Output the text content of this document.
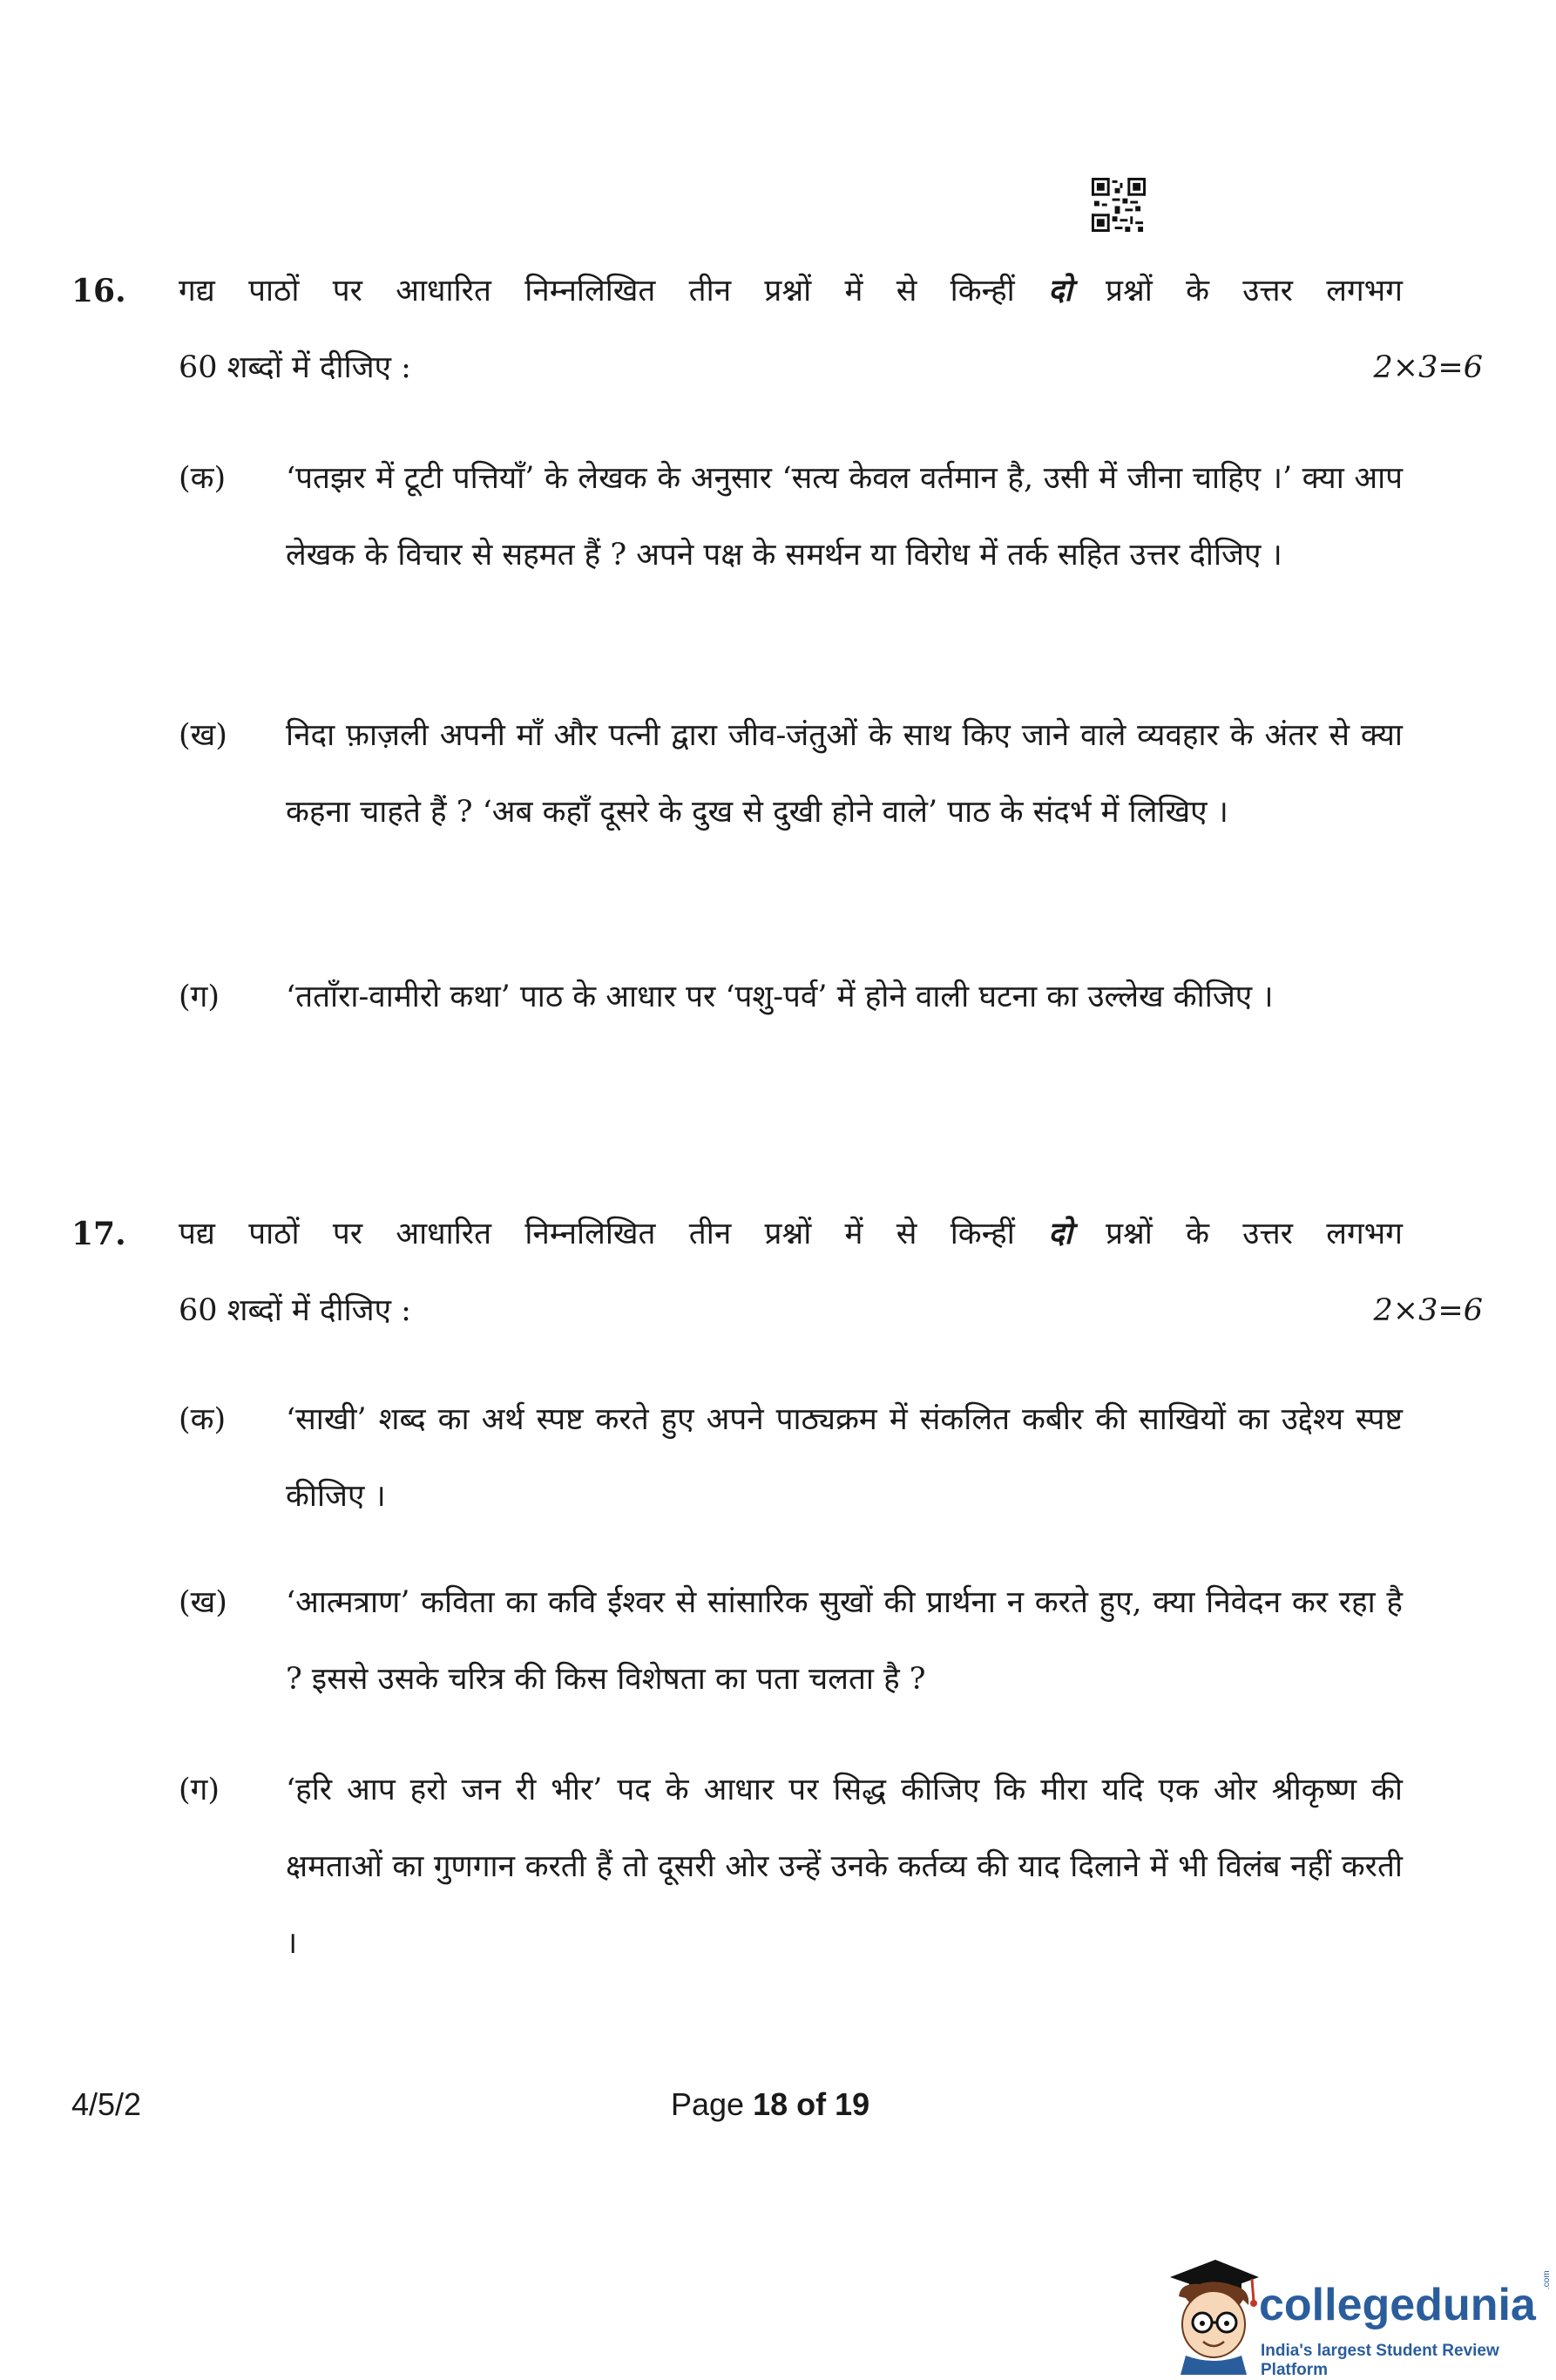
16. गद्य पाठों पर आधारित निम्नलिखित तीन प्रश्नों में से किन्हीं दो प्रश्नों के उत्तर लगभग
60 शब्दों में दीजिए :	2×3=6
(क) ‘पतझर में टूटी पत्तियाँ’ के लेखक के अनुसार ‘सत्य केवल वर्तमान है, उसी में जीना चाहिए ।’ क्या आप लेखक के विचार से सहमत हैं ? अपने पक्ष के समर्थन या विरोध में तर्क सहित उत्तर दीजिए ।
(ख) निदा फ़ाज़ली अपनी माँ और पत्नी द्वारा जीव-जंतुओं के साथ किए जाने वाले व्यवहार के अंतर से क्या कहना चाहते हैं ? ‘अब कहाँ दूसरे के दुख से दुखी होने वाले’ पाठ के संदर्भ में लिखिए ।
(ग) ‘तताँरा-वामीरो कथा’ पाठ के आधार पर ‘पशु-पर्व’ में होने वाली घटना का उल्लेख कीजिए ।
17. पद्य पाठों पर आधारित निम्नलिखित तीन प्रश्नों में से किन्हीं दो प्रश्नों के उत्तर लगभग
60 शब्दों में दीजिए :	2×3=6
(क) ‘साखी’ शब्द का अर्थ स्पष्ट करते हुए अपने पाठ्यक्रम में संकलित कबीर की साखियों का उद्देश्य स्पष्ट कीजिए ।
(ख) ‘आत्मत्राण’ कविता का कवि ईश्वर से सांसारिक सुखों की प्रार्थना न करते हुए, क्या निवेदन कर रहा है ? इससे उसके चरित्र की किस विशेषता का पता चलता है ?
(ग) ‘हरि आप हरो जन री भीर’ पद के आधार पर सिद्ध कीजिए कि मीरा यदि एक ओर श्रीकृष्ण की क्षमताओं का गुणगान करती हैं तो दूसरी ओर उन्हें उनके कर्तव्य की याद दिलाने में भी विलंब नहीं करती ।
4/5/2	Page 18 of 19
collegedunia .com
India's largest Student Review Platform
